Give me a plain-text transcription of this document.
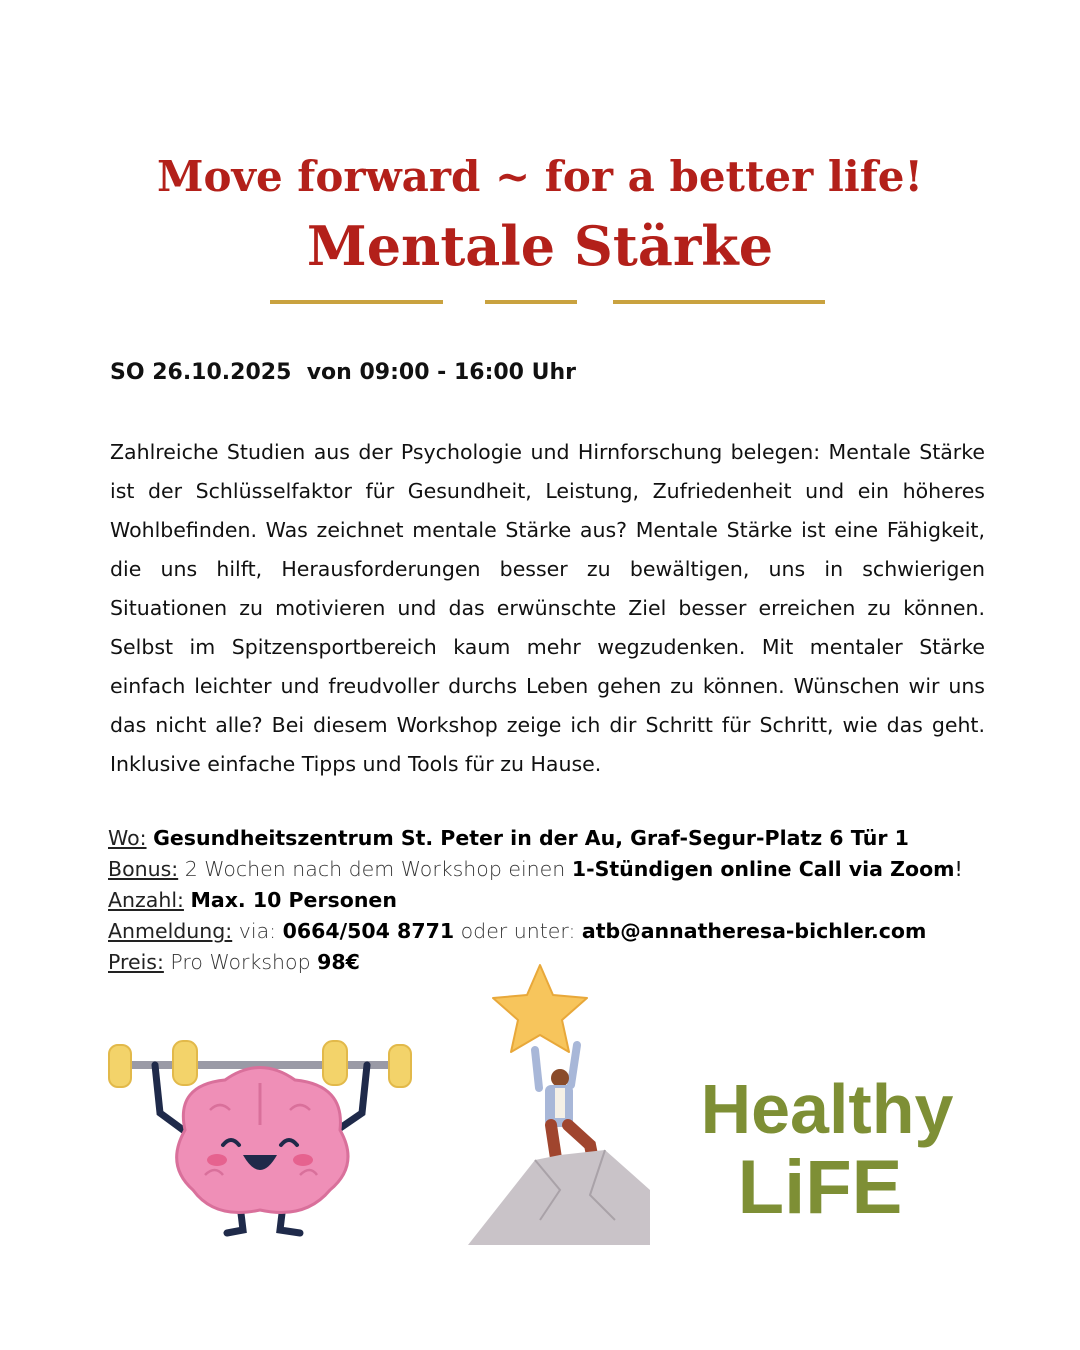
Move forward ~ for a better life!
Mentale Stärke
SO 26.10.2025  von 09:00 - 16:00 Uhr

Zahlreiche Studien aus der Psychologie und Hirnforschung belegen: Mentale Stärke ist der Schlüsselfaktor für Gesundheit, Leistung, Zufriedenheit und ein höheres Wohlbefinden. Was zeichnet mentale Stärke aus? Mentale Stärke ist eine Fähigkeit, die uns hilft, Herausforderungen besser zu bewältigen, uns in schwierigen Situationen zu motivieren und das erwünschte Ziel besser erreichen zu können. Selbst im Spitzensportbereich kaum mehr wegzudenken. Mit mentaler Stärke einfach leichter und freudvoller durchs Leben gehen zu können. Wünschen wir uns das nicht alle? Bei diesem Workshop zeige ich dir Schritt für Schritt, wie das geht. Inklusive einfache Tipps und Tools für zu Hause.

Wo: Gesundheitszentrum St. Peter in der Au, Graf-Segur-Platz 6 Tür 1
Bonus: 2 Wochen nach dem Workshop einen 1-Stündigen online Call via Zoom!
Anzahl: Max. 10 Personen
Anmeldung: via: 0664/504 8771 oder unter: atb@annatheresa-bichler.com
Preis: Pro Workshop 98€
Healthy
LiFE
